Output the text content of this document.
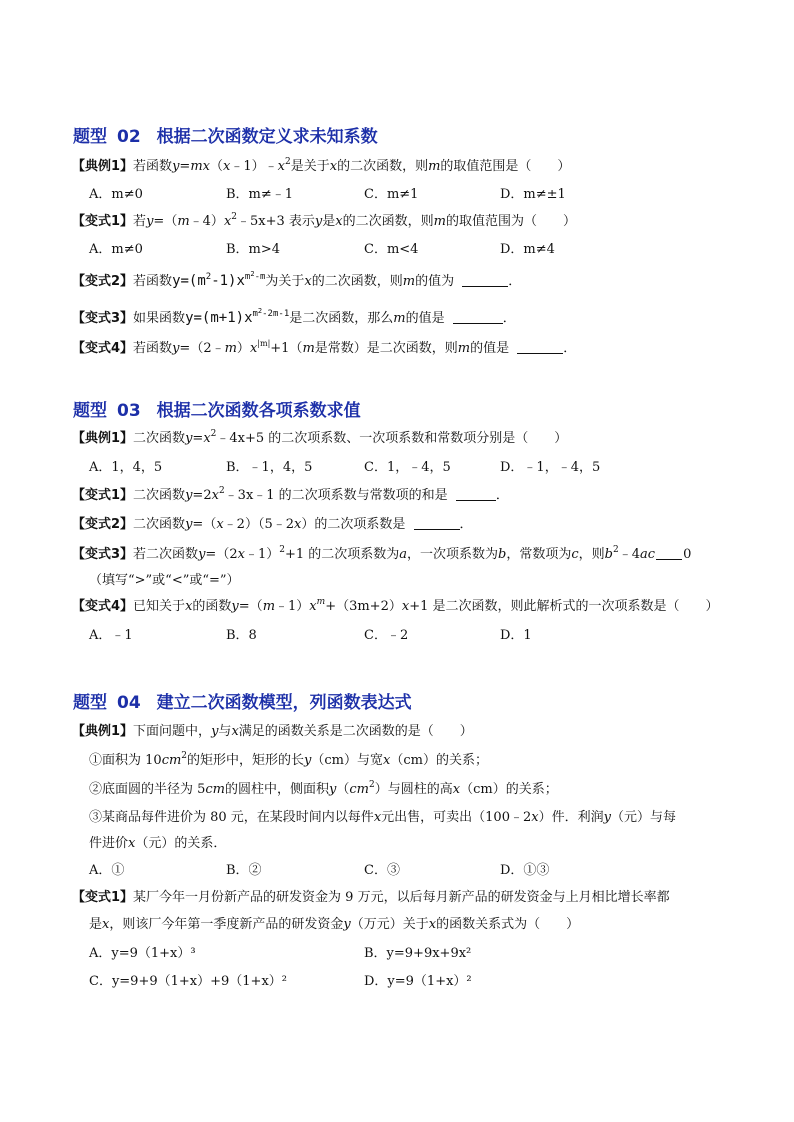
题型 02 根据二次函数定义求未知系数
【典例1】若函数$y=mx(x﹣1)﹣x^2$是关于x的二次函数，则m的取值范围是（　　）
A．m≠0	B．m≠﹣1	C．m≠1	D．m≠±1
【变式1】若$y=(m﹣4)x^2﹣5x+3$ 表示y是x的二次函数，则m的取值范围为（　　）
A．m≠0	B．m>4	C．m<4	D．m≠4
【变式2】若函数$y=(m^2-1)x^{m^2-m}$为关于x的二次函数，则m的值为	．
【变式3】如果函数$y=(m+1)x^{m^2-2m-1}$是二次函数，那么m的值是	．
【变式4】若函数$y=(2﹣m)x^{|m|}+1(m$是常数）是二次函数，则m的值是	．
题型 03 根据二次函数各项系数求值
【典例1】二次函数$y=x^2﹣4x+5$ 的二次项系数、一次项系数和常数项分别是（　　）
A．1，4，5	B．﹣1，4，5	C．1，﹣4，5	D．﹣1，﹣4，5
【变式1】二次函数$y=2x^2﹣3x﹣1$ 的二次项系数与常数项的和是	．
【变式2】二次函数y=（x﹣2）（5﹣2x）的二次项系数是	．
【变式3】若二次函数y=（2x﹣1）$^2$+1 的二次项系数为a，一次项系数为b，常数项为c，则$b^2﹣4ac$ 0
（填写“>”或“<”或“=”）
【变式4】已知关于x的函数$y=(m﹣1)x^m+(3m+2)x+1$ 是二次函数，则此解析式的一次项系数是（　　）
A．﹣1	B．8	C．﹣2	D．1
题型 04 建立二次函数模型，列函数表达式
【典例1】下面问题中，y与x满足的函数关系是二次函数的是（　　）
①面积为 $10cm^2$的矩形中，矩形的长y（cm）与宽x（cm）的关系；
②底面圆的半径为 5cm的圆柱中，侧面积$y(cm^2)$与圆柱的高x（cm）的关系；
③某商品每件进价为 80 元，在某段时间内以每件x元出售，可卖出（100﹣2x）件．利润y（元）与每
件进价x（元）的关系．
A．①	B．②	C．③	D．①③
【变式1】某厂今年一月份新产品的研发资金为 9 万元，以后每月新产品的研发资金与上月相比增长率都
是x，则该厂今年第一季度新产品的研发资金y（万元）关于x的函数关系式为（　　）
A．y=9（1+x）³	B．y=9+9x+9x²
C．y=9+9（1+x）+9（1+x）²	D．y=9（1+x）²
